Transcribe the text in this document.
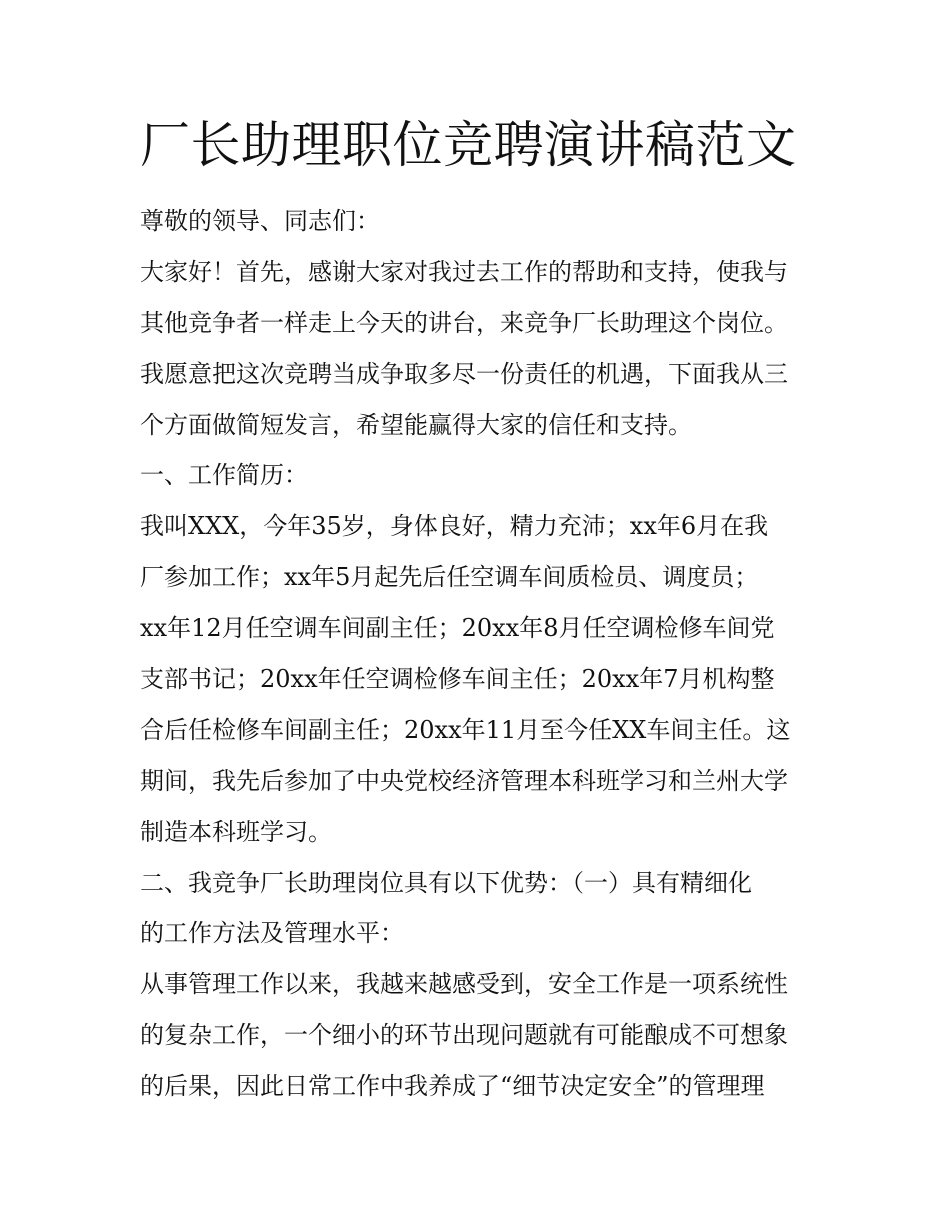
厂长助理职位竞聘演讲稿范文
尊敬的领导、同志们：
大家好！首先，感谢大家对我过去工作的帮助和支持，使我与
其他竞争者一样走上今天的讲台，来竞争厂长助理这个岗位。
我愿意把这次竞聘当成争取多尽一份责任的机遇，下面我从三
个方面做简短发言，希望能赢得大家的信任和支持。
一、工作简历：
我叫XXX，今年35岁，身体良好，精力充沛；xx年6月在我
厂参加工作；xx年5月起先后任空调车间质检员、调度员；
xx年12月任空调车间副主任；20xx年8月任空调检修车间党
支部书记；20xx年任空调检修车间主任；20xx年7月机构整
合后任检修车间副主任；20xx年11月至今任XX车间主任。这
期间，我先后参加了中央党校经济管理本科班学习和兰州大学
制造本科班学习。
二、我竞争厂长助理岗位具有以下优势：（一）具有精细化
的工作方法及管理水平：
从事管理工作以来，我越来越感受到，安全工作是一项系统性
的复杂工作，一个细小的环节出现问题就有可能酿成不可想象
的后果，因此日常工作中我养成了“细节决定安全”的管理理
